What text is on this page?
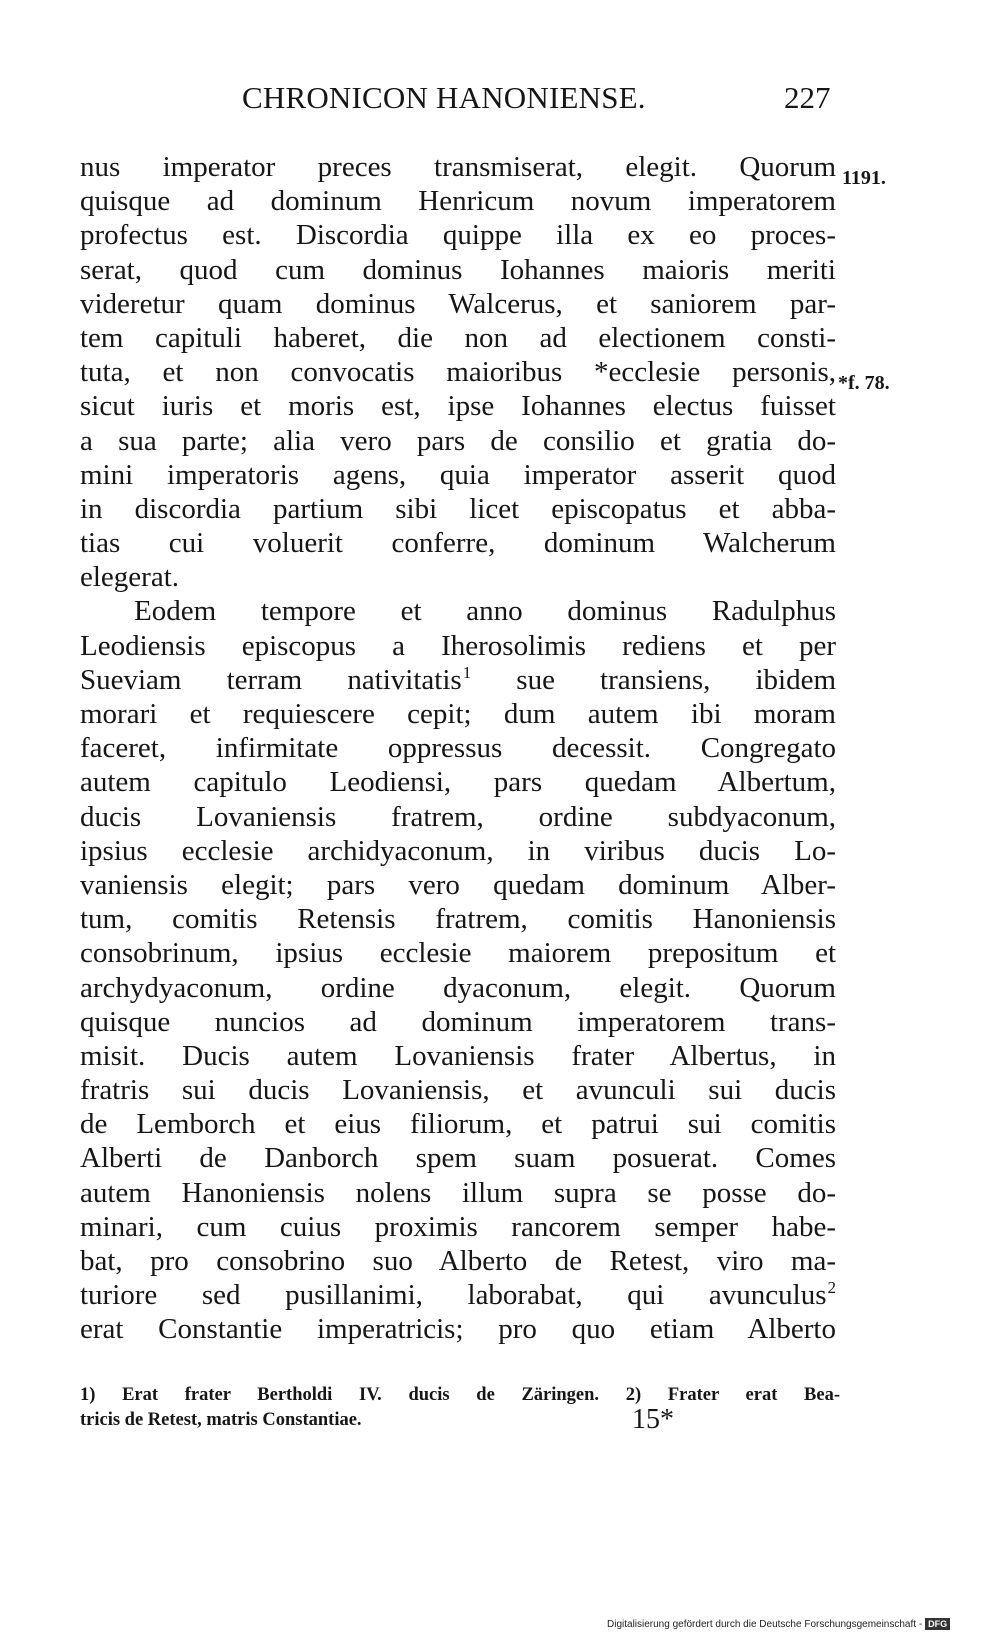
CHRONICON HANONIENSE.	227
1191.
*f. 78.
nus imperator preces transmiserat, elegit. Quorum
quisque ad dominum Henricum novum imperatorem
profectus est. Discordia quippe illa ex eo proces-
serat, quod cum dominus Iohannes maioris meriti
videretur quam dominus Walcerus, et saniorem par-
tem capituli haberet, die non ad electionem consti-
tuta, et non convocatis maioribus *ecclesie personis,
sicut iuris et moris est, ipse Iohannes electus fuisset
a sua parte; alia vero pars de consilio et gratia do-
mini imperatoris agens, quia imperator asserit quod
in discordia partium sibi licet episcopatus et abba-
tias cui voluerit conferre, dominum Walcherum
elegerat.
Eodem tempore et anno dominus Radulphus
Leodiensis episcopus a Iherosolimis rediens et per
Sueviam terram nativitatis$^1$ sue transiens, ibidem
morari et requiescere cepit; dum autem ibi moram
faceret, infirmitate oppressus decessit. Congregato
autem capitulo Leodiensi, pars quedam Albertum,
ducis Lovaniensis fratrem, ordine subdyaconum,
ipsius ecclesie archidyaconum, in viribus ducis Lo-
vaniensis elegit; pars vero quedam dominum Alber-
tum, comitis Retensis fratrem, comitis Hanoniensis
consobrinum, ipsius ecclesie maiorem prepositum et
archydyaconum, ordine dyaconum, elegit. Quorum
quisque nuncios ad dominum imperatorem trans-
misit. Ducis autem Lovaniensis frater Albertus, in
fratris sui ducis Lovaniensis, et avunculi sui ducis
de Lemborch et eius filiorum, et patrui sui comitis
Alberti de Danborch spem suam posuerat. Comes
autem Hanoniensis nolens illum supra se posse do-
minari, cum cuius proximis rancorem semper habe-
bat, pro consobrino suo Alberto de Retest, viro ma-
turiore sed pusillanimi, laborabat, qui avunculus$^2$
erat Constantie imperatricis; pro quo etiam Alberto
1) Erat frater Bertholdi IV. ducis de Zäringen. 2) Frater erat Bea-
tricis de Retest, matris Constantiae.	15*
Digitalisierung gefördert durch die Deutsche Forschungsgemeinschaft - DFG
